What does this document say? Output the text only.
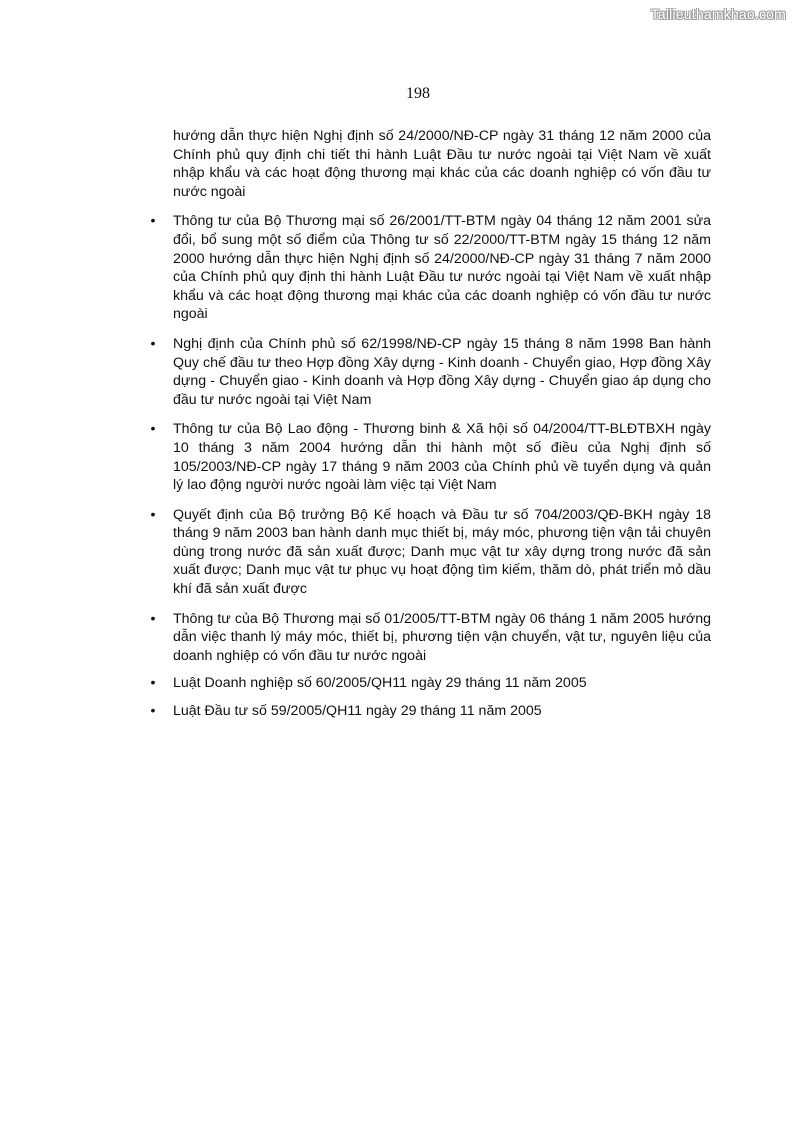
Tailieuthamkhao.com
198

hướng dẫn thực hiện Nghị định số 24/2000/NĐ-CP ngày 31 tháng 12 năm 2000 của Chính phủ quy định chi tiết thi hành Luật Đầu tư nước ngoài tại Việt Nam về xuất nhập khẩu và các hoạt động thương mại khác của các doanh nghiệp có vốn đầu tư nước ngoài

• Thông tư của Bộ Thương mại số 26/2001/TT-BTM ngày 04 tháng 12 năm 2001 sửa đổi, bổ sung một số điểm của Thông tư số 22/2000/TT-BTM ngày 15 tháng 12 năm 2000 hướng dẫn thực hiện Nghị định số 24/2000/NĐ-CP ngày 31 tháng 7 năm 2000 của Chính phủ quy định thi hành Luật Đầu tư nước ngoài tại Việt Nam về xuất nhập khẩu và các hoạt động thương mại khác của các doanh nghiệp có vốn đầu tư nước ngoài
• Nghị định của Chính phủ số 62/1998/NĐ-CP ngày 15 tháng 8 năm 1998 Ban hành Quy chế đầu tư theo Hợp đồng Xây dựng - Kinh doanh - Chuyển giao, Hợp đồng Xây dựng - Chuyển giao - Kinh doanh và Hợp đồng Xây dựng - Chuyển giao áp dụng cho đầu tư nước ngoài tại Việt Nam
• Thông tư của Bộ Lao động - Thương binh & Xã hội số 04/2004/TT-BLĐTBXH ngày 10 tháng 3 năm 2004 hướng dẫn thi hành một số điều của Nghị định số 105/2003/NĐ-CP ngày 17 tháng 9 năm 2003 của Chính phủ về tuyển dụng và quản lý lao động người nước ngoài làm việc tại Việt Nam
• Quyết định của Bộ trưởng Bộ Kế hoạch và Đầu tư số 704/2003/QĐ-BKH ngày 18 tháng 9 năm 2003 ban hành danh mục thiết bị, máy móc, phương tiện vận tải chuyên dùng trong nước đã sản xuất được; Danh mục vật tư xây dựng trong nước đã sản xuất được; Danh mục vật tư phục vụ hoạt động tìm kiếm, thăm dò, phát triển mỏ dầu khí đã sản xuất được
• Thông tư của Bộ Thương mại số 01/2005/TT-BTM ngày 06 tháng 1 năm 2005 hướng dẫn việc thanh lý máy móc, thiết bị, phương tiện vận chuyển, vật tư, nguyên liệu của doanh nghiệp có vốn đầu tư nước ngoài
• Luật Doanh nghiệp số 60/2005/QH11 ngày 29 tháng 11 năm 2005
• Luật Đầu tư số 59/2005/QH11 ngày 29 tháng 11 năm 2005
